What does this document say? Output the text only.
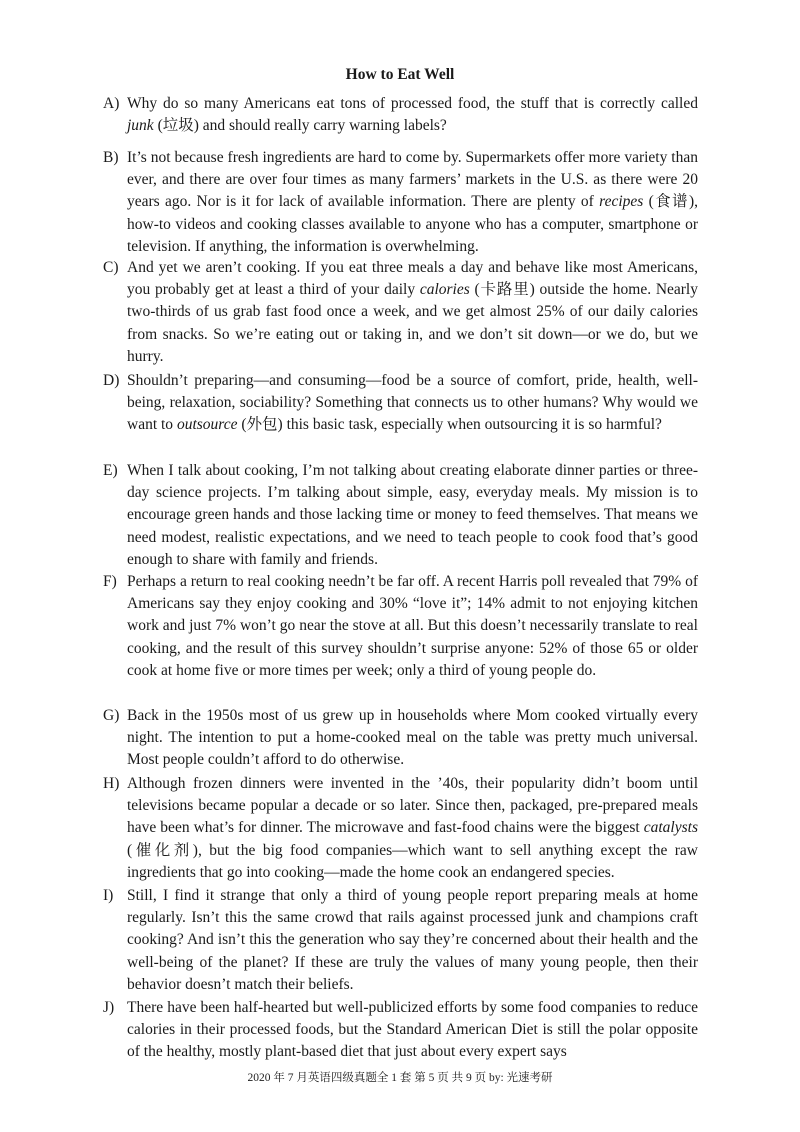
How to Eat Well
A) Why do so many Americans eat tons of processed food, the stuff that is correctly called junk (垃圾) and should really carry warning labels?
B) It’s not because fresh ingredients are hard to come by. Supermarkets offer more variety than ever, and there are over four times as many farmers’ markets in the U.S. as there were 20 years ago. Nor is it for lack of available information. There are plenty of recipes (食谱), how-to videos and cooking classes available to anyone who has a computer, smartphone or television. If anything, the information is overwhelming.
C) And yet we aren’t cooking. If you eat three meals a day and behave like most Americans, you probably get at least a third of your daily calories (卡路里) outside the home. Nearly two-thirds of us grab fast food once a week, and we get almost 25% of our daily calories from snacks. So we’re eating out or taking in, and we don’t sit down—or we do, but we hurry.
D) Shouldn’t preparing—and consuming—food be a source of comfort, pride, health, well-being, relaxation, sociability? Something that connects us to other humans? Why would we want to outsource (外包) this basic task, especially when outsourcing it is so harmful?
E) When I talk about cooking, I’m not talking about creating elaborate dinner parties or three-day science projects. I’m talking about simple, easy, everyday meals. My mission is to encourage green hands and those lacking time or money to feed themselves. That means we need modest, realistic expectations, and we need to teach people to cook food that’s good enough to share with family and friends.
F) Perhaps a return to real cooking needn’t be far off. A recent Harris poll revealed that 79% of Americans say they enjoy cooking and 30% “love it”; 14% admit to not enjoying kitchen work and just 7% won’t go near the stove at all. But this doesn’t necessarily translate to real cooking, and the result of this survey shouldn’t surprise anyone: 52% of those 65 or older cook at home five or more times per week; only a third of young people do.
G) Back in the 1950s most of us grew up in households where Mom cooked virtually every night. The intention to put a home-cooked meal on the table was pretty much universal. Most people couldn’t afford to do otherwise.
H) Although frozen dinners were invented in the ’40s, their popularity didn’t boom until televisions became popular a decade or so later. Since then, packaged, pre-prepared meals have been what’s for dinner. The microwave and fast-food chains were the biggest catalysts (催化剂), but the big food companies—which want to sell anything except the raw ingredients that go into cooking—made the home cook an endangered species.
I) Still, I find it strange that only a third of young people report preparing meals at home regularly. Isn’t this the same crowd that rails against processed junk and champions craft cooking? And isn’t this the generation who say they’re concerned about their health and the well-being of the planet? If these are truly the values of many young people, then their behavior doesn’t match their beliefs.
J) There have been half-hearted but well-publicized efforts by some food companies to reduce calories in their processed foods, but the Standard American Diet is still the polar opposite of the healthy, mostly plant-based diet that just about every expert says
2020 年 7 月英语四级真题全 1 套 第 5 页 共 9 页 by: 光速考研
